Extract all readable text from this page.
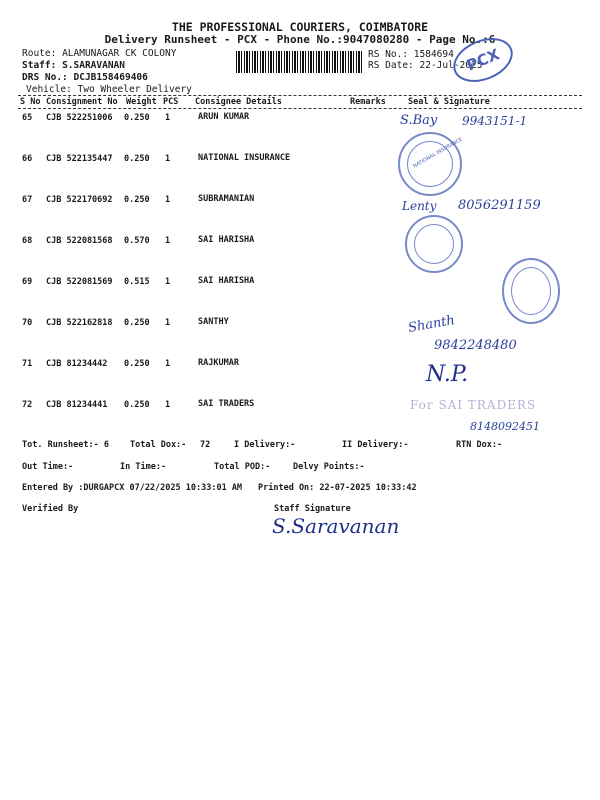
THE PROFESSIONAL COURIERS, COIMBATORE
Delivery Runsheet - PCX - Phone No.:9047080280 - Page No.:6
Route: ALAMUNAGAR CK COLONY
Staff: S.SARAVANAN
DRS No.: DCJB158469406
Vehicle: Two Wheeler Delivery
RS No.: 1584694
RS Date: 22-Jul-2025
PCX
S No Consignment No Weight PCS Consignee Details	Remarks	Seal & Signature
65 CJB 522251006 0.250 1	ARUN KUMAR
66 CJB 522135447 0.250 1	NATIONAL INSURANCE
67 CJB 522170692 0.250 1	SUBRAMANIAN
68 CJB 522081568 0.570 1	SAI HARISHA
69 CJB 522081569 0.515 1	SAI HARISHA
70 CJB 522162818 0.250 1	SANTHY
71 CJB 81234442 0.250 1	RAJKUMAR
72 CJB 81234441 0.250 1	SAI TRADERS
NATIONAL INSURANCE
S.Bay 9943151-1
Lenty 8056291159
Shanth
9842248480
N.P.
For SAI TRADERS
8148092451
Tot. Runsheet:- 6 Total Dox:- 72	I Delivery:-	II Delivery:-	RTN Dox:-
Out Time:-	In Time:-	Total POD:-	Delvy Points:-
Entered By :DURGAPCX 07/22/2025 10:33:01 AM Printed On: 22-07-2025 10:33:42
Verified By	Staff Signature
S.Saravanan
